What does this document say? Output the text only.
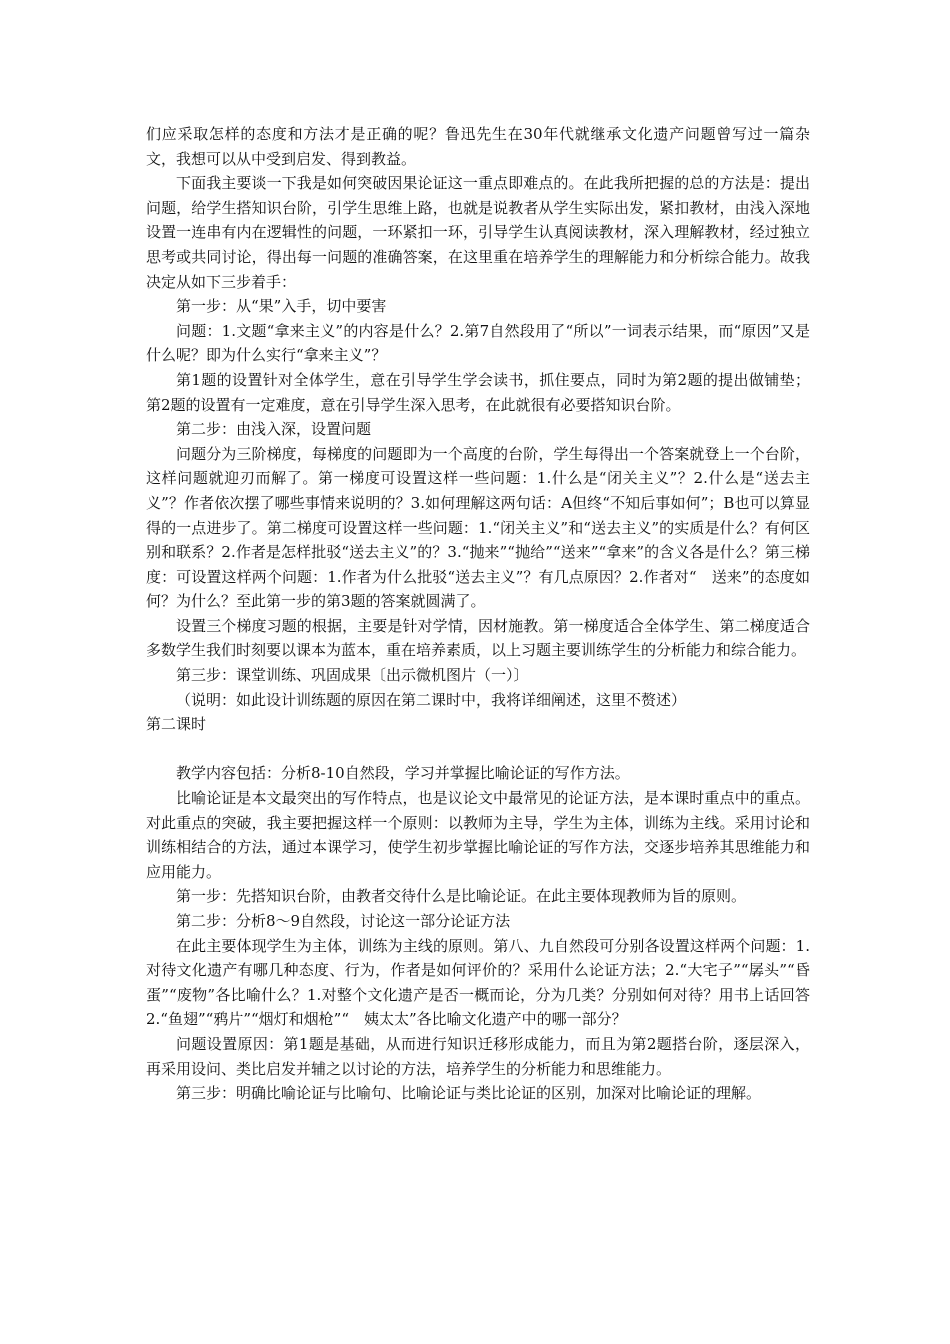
们应采取怎样的态度和方法才是正确的呢？鲁迅先生在30年代就继承文化遗产问题曾写过一篇杂文，我想可以从中受到启发、得到教益。

下面我主要谈一下我是如何突破因果论证这一重点即难点的。在此我所把握的总的方法是：提出问题，给学生搭知识台阶，引学生思维上路，也就是说教者从学生实际出发，紧扣教材，由浅入深地设置一连串有内在逻辑性的问题，一环紧扣一环，引导学生认真阅读教材，深入理解教材，经过独立思考或共同讨论，得出每一问题的准确答案，在这里重在培养学生的理解能力和分析综合能力。故我决定从如下三步着手：

第一步：从“果”入手，切中要害

问题：1.文题“拿来主义”的内容是什么？2.第7自然段用了“所以”一词表示结果，而“原因”又是什么呢？即为什么实行“拿来主义”？

第1题的设置针对全体学生，意在引导学生学会读书，抓住要点，同时为第2题的提出做铺垫；第2题的设置有一定难度，意在引导学生深入思考，在此就很有必要搭知识台阶。

第二步：由浅入深，设置问题

问题分为三阶梯度，每梯度的问题即为一个高度的台阶，学生每得出一个答案就登上一个台阶，这样问题就迎刃而解了。第一梯度可设置这样一些问题：1.什么是“闭关主义”？2.什么是“送去主义”？作者依次摆了哪些事情来说明的？3.如何理解这两句话：A但终“不知后事如何”；B也可以算显得的一点进步了。第二梯度可设置这样一些问题：1.“闭关主义”和“送去主义”的实质是什么？有何区别和联系？2.作者是怎样批驳“送去主义”的？3.“抛来”“抛给”“送来”“拿来”的含义各是什么？第三梯度：可设置这样两个问题：1.作者为什么批驳“送去主义”？有几点原因？2.作者对“　送来”的态度如何？为什么？至此第一步的第3题的答案就圆满了。

设置三个梯度习题的根据，主要是针对学情，因材施教。第一梯度适合全体学生、第二梯度适合多数学生我们时刻要以课本为蓝本，重在培养素质，以上习题主要训练学生的分析能力和综合能力。

第三步：课堂训练、巩固成果〔出示微机图片（一）〕

（说明：如此设计训练题的原因在第二课时中，我将详细阐述，这里不赘述）

第二课时

教学内容包括：分析8-10自然段，学习并掌握比喻论证的写作方法。

比喻论证是本文最突出的写作特点，也是议论文中最常见的论证方法，是本课时重点中的重点。对此重点的突破，我主要把握这样一个原则：以教师为主导，学生为主体，训练为主线。采用讨论和训练相结合的方法，通过本课学习，使学生初步掌握比喻论证的写作方法，交逐步培养其思维能力和应用能力。

第一步：先搭知识台阶，由教者交待什么是比喻论证。在此主要体现教师为旨的原则。

第二步：分析8～9自然段，讨论这一部分论证方法

在此主要体现学生为主体，训练为主线的原则。第八、九自然段可分别各设置这样两个问题：1.对待文化遗产有哪几种态度、行为，作者是如何评价的？采用什么论证方法；2.“大宅子”“孱头”“昏蛋”“废物”各比喻什么？1.对整个文化遗产是否一概而论，分为几类？分别如何对待？用书上话回答2.“鱼翅”“鸦片”“烟灯和烟枪”“　姨太太”各比喻文化遗产中的哪一部分？

问题设置原因：第1题是基础，从而进行知识迁移形成能力，而且为第2题搭台阶，逐层深入，再采用设问、类比启发并辅之以讨论的方法，培养学生的分析能力和思维能力。

第三步：明确比喻论证与比喻句、比喻论证与类比论证的区别，加深对比喻论证的理解。
